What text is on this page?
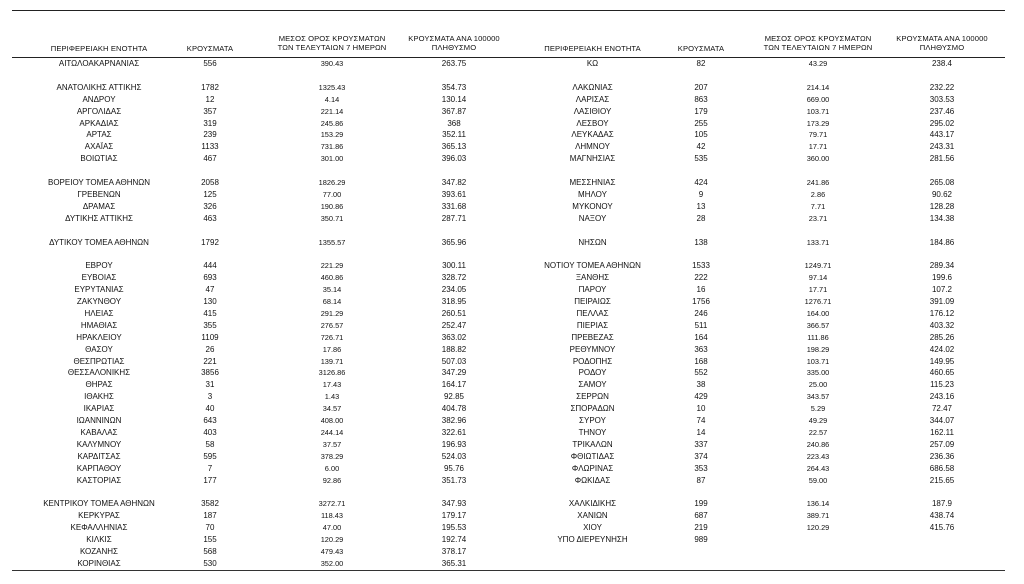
ΠΕΡΙΦΕΡΕΙΑΚΗ ΕΝΟΤΗΤΑ	ΚΡΟΥΣΜΑΤΑ
ΜΕΣΟΣ ΟΡΟΣ ΚΡΟΥΣΜΑΤΩΝ
ΤΩΝ ΤΕΛΕΥΤΑΙΩΝ 7 ΗΜΕΡΩΝ
ΚΡΟΥΣΜΑΤΑ ΑΝΑ 100000
ΠΛΗΘΥΣΜΟ	ΠΕΡΙΦΕΡΕΙΑΚΗ ΕΝΟΤΗΤΑ	ΚΡΟΥΣΜΑΤΑ
ΜΕΣΟΣ ΟΡΟΣ ΚΡΟΥΣΜΑΤΩΝ
ΤΩΝ ΤΕΛΕΥΤΑΙΩΝ 7 ΗΜΕΡΩΝ
ΚΡΟΥΣΜΑΤΑ ΑΝΑ 100000
ΠΛΗΘΥΣΜΟ
ΑΙΤΩΛΟΑΚΑΡΝΑΝΙΑΣ	556	390.43	263.75
ΑΝΑΤΟΛΙΚΗΣ ΑΤΤΙΚΗΣ	1782	1325.43	354.73
ΑΝΔΡΟΥ	12	4.14	130.14
ΑΡΓΟΛΙΔΑΣ	357	221.14	367.87
ΑΡΚΑΔΙΑΣ	319	245.86	368
ΑΡΤΑΣ	239	153.29	352.11
ΑΧΑΪΑΣ	1133	731.86	365.13
ΒΟΙΩΤΙΑΣ	467	301.00	396.03
ΒΟΡΕΙΟΥ ΤΟΜΕΑ ΑΘΗΝΩΝ	2058	1826.29	347.82
ΓΡΕΒΕΝΩΝ	125	77.00	393.61
ΔΡΑΜΑΣ	326	190.86	331.68
ΔΥΤΙΚΗΣ ΑΤΤΙΚΗΣ	463	350.71	287.71
ΔΥΤΙΚΟΥ ΤΟΜΕΑ ΑΘΗΝΩΝ	1792	1355.57	365.96
ΕΒΡΟΥ	444	221.29	300.11
ΕΥΒΟΙΑΣ	693	460.86	328.72
ΕΥΡΥΤΑΝΙΑΣ	47	35.14	234.05
ΖΑΚΥΝΘΟΥ	130	68.14	318.95
ΗΛΕΙΑΣ	415	291.29	260.51
ΗΜΑΘΙΑΣ	355	276.57	252.47
ΗΡΑΚΛΕΙΟΥ	1109	726.71	363.02
ΘΑΣΟΥ	26	17.86	188.82
ΘΕΣΠΡΩΤΙΑΣ	221	139.71	507.03
ΘΕΣΣΑΛΟΝΙΚΗΣ	3856	3126.86	347.29
ΘΗΡΑΣ	31	17.43	164.17
ΙΘΑΚΗΣ	3	1.43	92.85
ΙΚΑΡΙΑΣ	40	34.57	404.78
ΙΩΑΝΝΙΝΩΝ	643	408.00	382.96
ΚΑΒΑΛΑΣ	403	244.14	322.61
ΚΑΛΥΜΝΟΥ	58	37.57	196.93
ΚΑΡΔΙΤΣΑΣ	595	378.29	524.03
ΚΑΡΠΑΘΟΥ	7	6.00	95.76
ΚΑΣΤΟΡΙΑΣ	177	92.86	351.73
ΚΕΝΤΡΙΚΟΥ ΤΟΜΕΑ ΑΘΗΝΩΝ	3582	3272.71	347.93
ΚΕΡΚΥΡΑΣ	187	118.43	179.17
ΚΕΦΑΛΛΗΝΙΑΣ	70	47.00	195.53
ΚΙΛΚΙΣ	155	120.29	192.74
ΚΟΖΑΝΗΣ	568	479.43	378.17
ΚΟΡΙΝΘΙΑΣ	530	352.00	365.31
ΚΩ	82	43.29	238.4
ΛΑΚΩΝΙΑΣ	207	214.14	232.22
ΛΑΡΙΣΑΣ	863	669.00	303.53
ΛΑΣΙΘΙΟΥ	179	103.71	237.46
ΛΕΣΒΟΥ	255	173.29	295.02
ΛΕΥΚΑΔΑΣ	105	79.71	443.17
ΛΗΜΝΟΥ	42	17.71	243.31
ΜΑΓΝΗΣΙΑΣ	535	360.00	281.56
ΜΕΣΣΗΝΙΑΣ	424	241.86	265.08
ΜΗΛΟΥ	9	2.86	90.62
ΜΥΚΟΝΟΥ	13	7.71	128.28
ΝΑΞΟΥ	28	23.71	134.38
ΝΗΣΩΝ	138	133.71	184.86
ΝΟΤΙΟΥ ΤΟΜΕΑ ΑΘΗΝΩΝ	1533	1249.71	289.34
ΞΑΝΘΗΣ	222	97.14	199.6
ΠΑΡΟΥ	16	17.71	107.2
ΠΕΙΡΑΙΩΣ	1756	1276.71	391.09
ΠΕΛΛΑΣ	246	164.00	176.12
ΠΙΕΡΙΑΣ	511	366.57	403.32
ΠΡΕΒΕΖΑΣ	164	111.86	285.26
ΡΕΘΥΜΝΟΥ	363	198.29	424.02
ΡΟΔΟΠΗΣ	168	103.71	149.95
ΡΟΔΟΥ	552	335.00	460.65
ΣΑΜΟΥ	38	25.00	115.23
ΣΕΡΡΩΝ	429	343.57	243.16
ΣΠΟΡΑΔΩΝ	10	5.29	72.47
ΣΥΡΟΥ	74	49.29	344.07
ΤΗΝΟΥ	14	22.57	162.11
ΤΡΙΚΑΛΩΝ	337	240.86	257.09
ΦΘΙΩΤΙΔΑΣ	374	223.43	236.36
ΦΛΩΡΙΝΑΣ	353	264.43	686.58
ΦΩΚΙΔΑΣ	87	59.00	215.65
ΧΑΛΚΙΔΙΚΗΣ	199	136.14	187.9
ΧΑΝΙΩΝ	687	389.71	438.74
ΧΙΟΥ	219	120.29	415.76
ΥΠΟ ΔΙΕΡΕΥΝΗΣΗ	989
